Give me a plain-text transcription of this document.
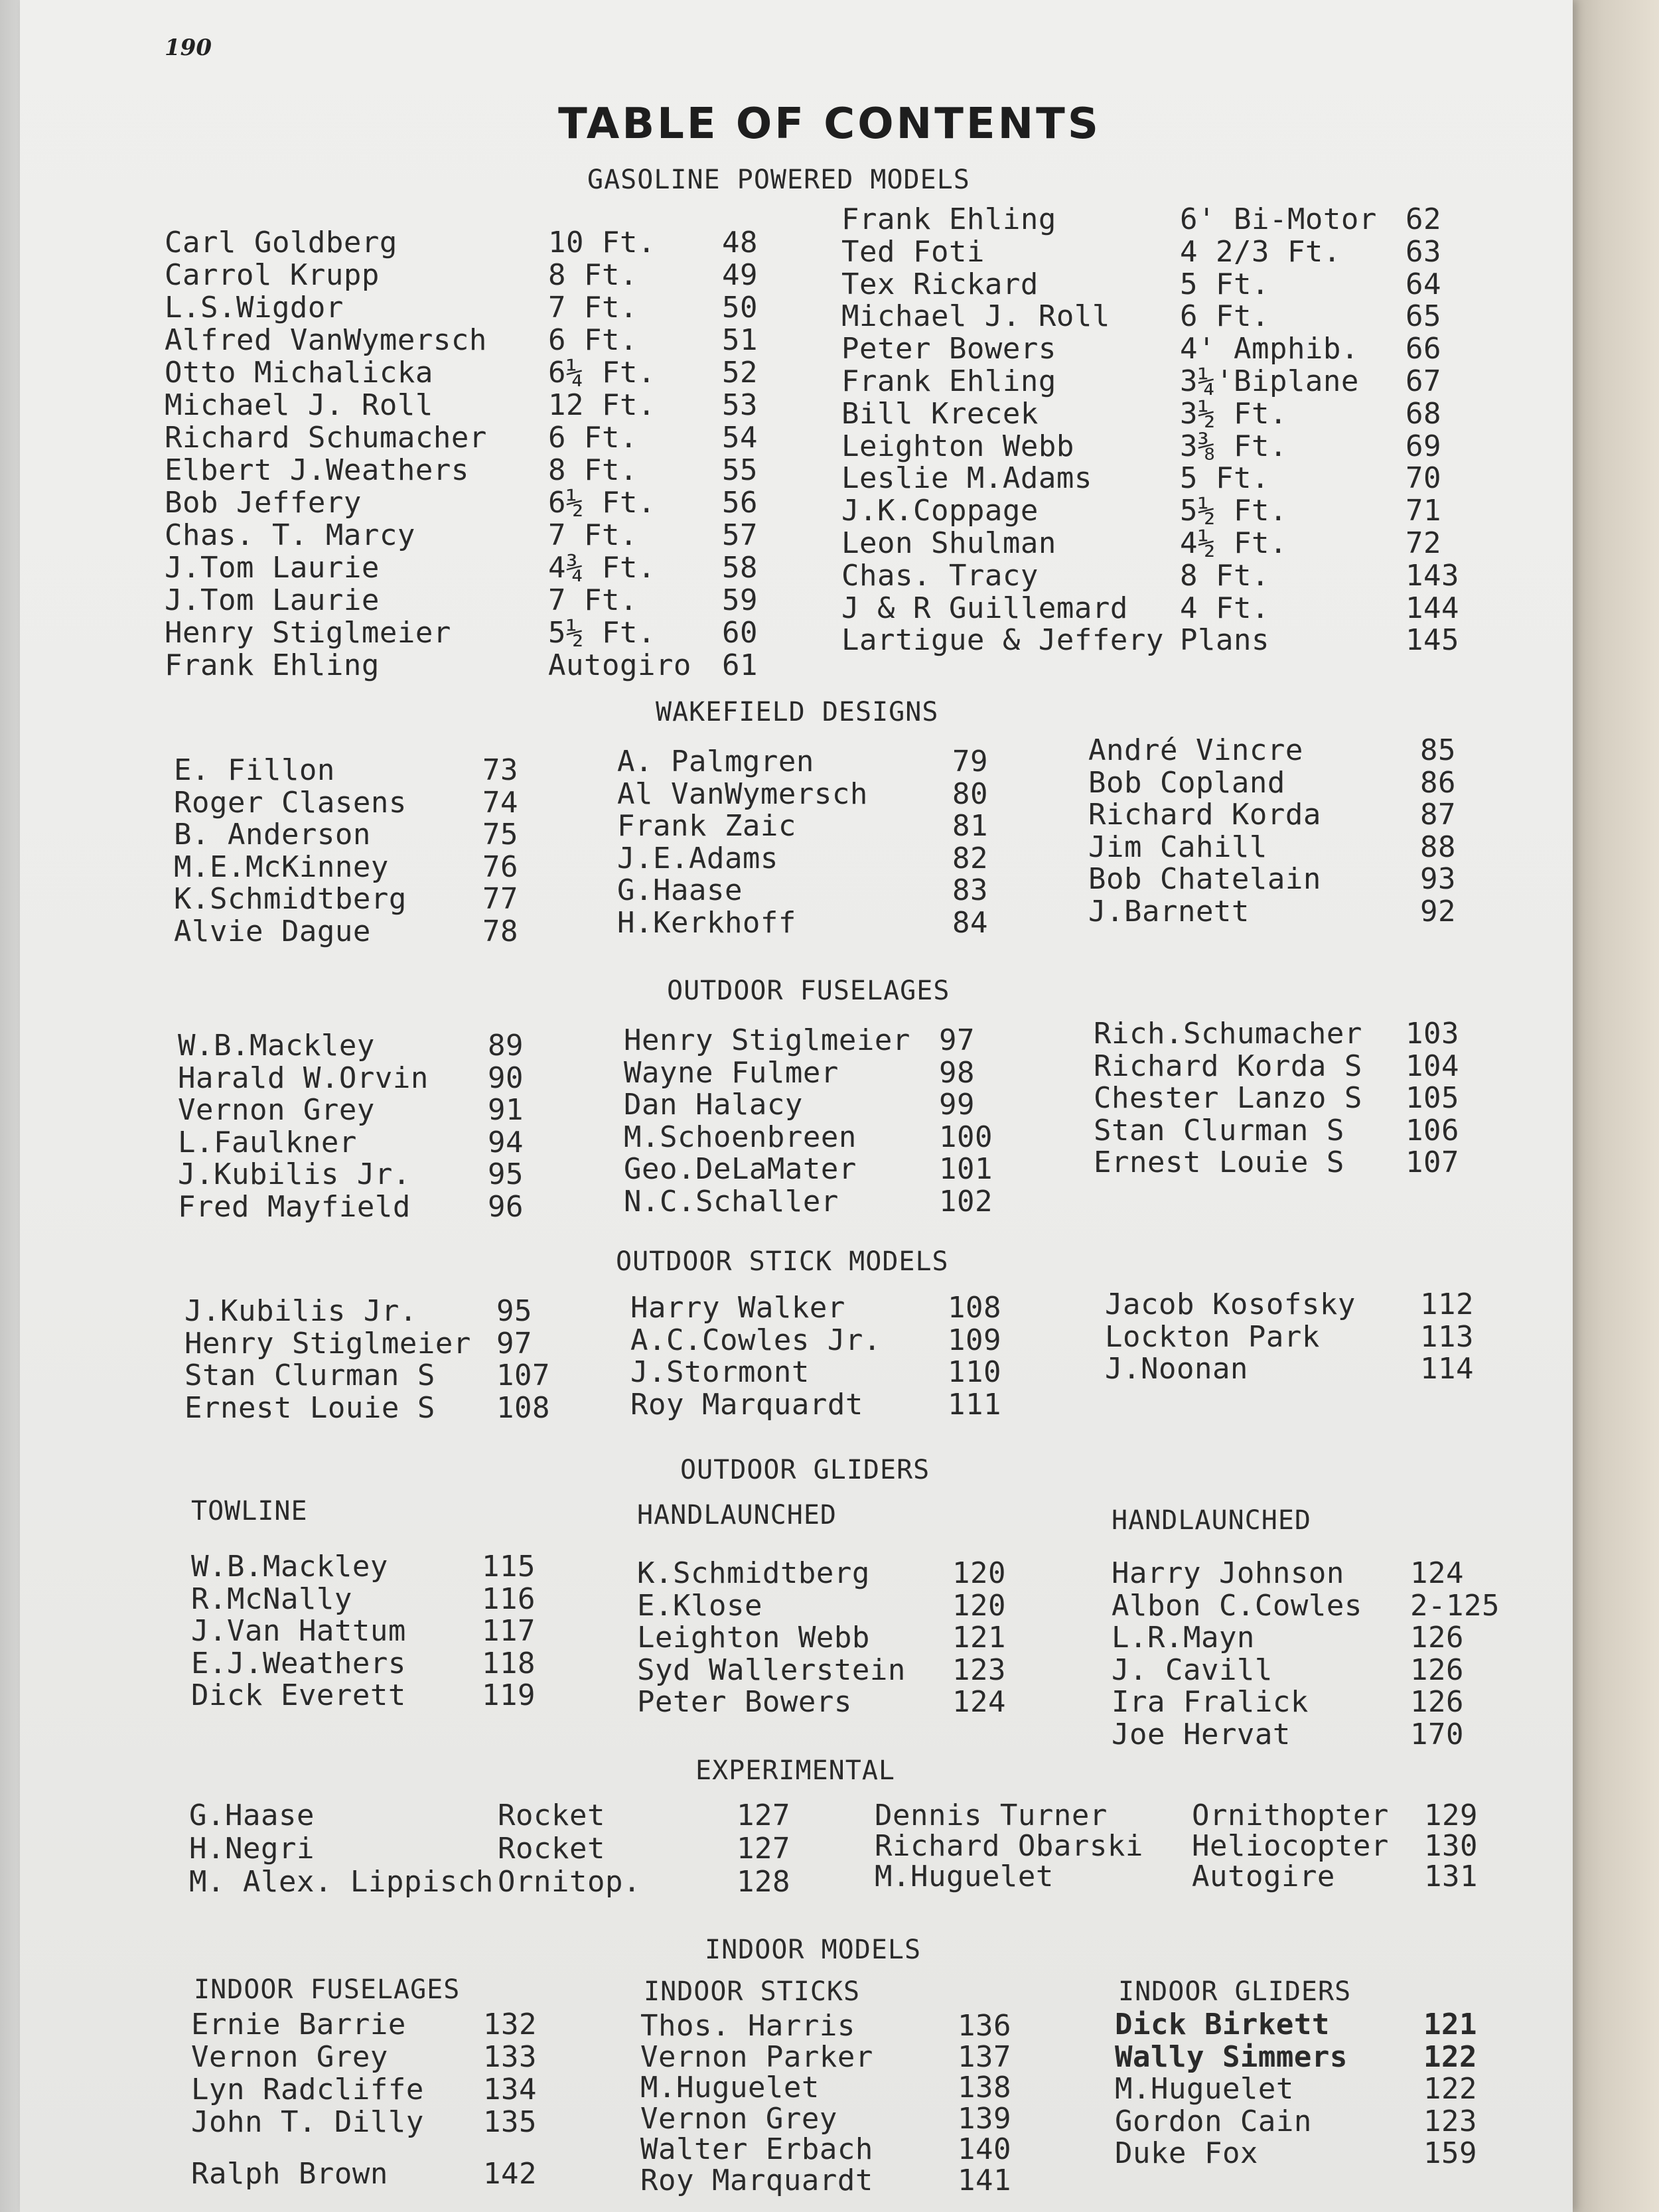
190
TABLE OF CONTENTS
GASOLINE POWERED MODELS
Carl Goldberg	10 Ft. 48
Carrol Krupp	8 Ft.	49
L.S.Wigdor	7 Ft.	50
Alfred VanWymersch 6 Ft.	51
Otto Michalicka	6¼ Ft. 52
Michael J. Roll	12 Ft. 53
Richard Schumacher 6 Ft.	54
Elbert J.Weathers	8 Ft.	55
Bob Jeffery	6½ Ft. 56
Chas. T. Marcy	7 Ft.	57
J.Tom Laurie	4¾ Ft. 58
J.Tom Laurie	7 Ft.	59
Henry Stiglmeier	5½ Ft. 60
Frank Ehling	Autogiro 61
Frank Ehling	6' Bi-Motor 62
Ted Foti	4 2/3 Ft. 63
Tex Rickard	5 Ft.	64
Michael J. Roll 6 Ft.	65
Peter Bowers	4' Amphib. 66
Frank Ehling	3¼'Biplane 67
Bill Krecek	3½ Ft.	68
Leighton Webb	3⅜ Ft.	69
Leslie M.Adams	5 Ft.	70
J.K.Coppage	5½ Ft.	71
Leon Shulman	4½ Ft.	72
Chas. Tracy	8 Ft.	143
J & R Guillemard 4 Ft.	144
Lartigue & Jeffery Plans	145
WAKEFIELD DESIGNS
E. Fillon	73
Roger Clasens	74
B. Anderson	75
M.E.McKinney	76
K.Schmidtberg	77
Alvie Dague	78
A. Palmgren	79
Al VanWymersch	80
Frank Zaic	81
J.E.Adams	82
G.Haase	83
H.Kerkhoff	84
André Vincre	85
Bob Copland	86
Richard Korda	87
Jim Cahill	88
Bob Chatelain	93
J.Barnett	92
OUTDOOR FUSELAGES
W.B.Mackley	89
Harald W.Orvin 90
Vernon Grey	91
L.Faulkner	94
J.Kubilis Jr.	95
Fred Mayfield	96
Henry Stiglmeier 97
Wayne Fulmer	98
Dan Halacy	99
M.Schoenbreen	100
Geo.DeLaMater	101
N.C.Schaller	102
Rich.Schumacher 103
Richard Korda S 104
Chester Lanzo S 105
Stan Clurman S 106
Ernest Louie S 107
OUTDOOR STICK MODELS
J.Kubilis Jr.	95
Henry Stiglmeier 97
Stan Clurman S 107
Ernest Louie S 108
Harry Walker	108
A.C.Cowles Jr. 109
J.Stormont	110
Roy Marquardt	111
Jacob Kosofsky 112
Lockton Park	113
J.Noonan	114
OUTDOOR GLIDERS
TOWLINE	HANDLAUNCHED	HANDLAUNCHED
W.B.Mackley	115
R.McNally	116
J.Van Hattum	117
E.J.Weathers	118
Dick Everett	119
K.Schmidtberg	120
E.Klose	120
Leighton Webb	121
Syd Wallerstein 123
Peter Bowers	124
Harry Johnson 124
Albon C.Cowles 2-125
L.R.Mayn	126
J. Cavill	126
Ira Fralick	126
Joe Hervat	170
EXPERIMENTAL
G.Haase	Rocket	127
H.Negri	Rocket	127
M. Alex. Lippisch Ornitop.	128
Dennis Turner	Ornithopter 129
Richard Obarski Heliocopter 130
M.Huguelet	Autogire	131
INDOOR MODELS
INDOOR FUSELAGES	INDOOR STICKS	INDOOR GLIDERS
Ernie Barrie	132
Vernon Grey	133
Lyn Radcliffe 134
John T. Dilly 135
Ralph Brown	142
Thos. Harris	136
Vernon Parker	137
M.Huguelet	138
Vernon Grey	139
Walter Erbach	140
Roy Marquardt	141
Dick Birkett	121
Wally Simmers	122
M.Huguelet	122
Gordon Cain	123
Duke Fox	159
